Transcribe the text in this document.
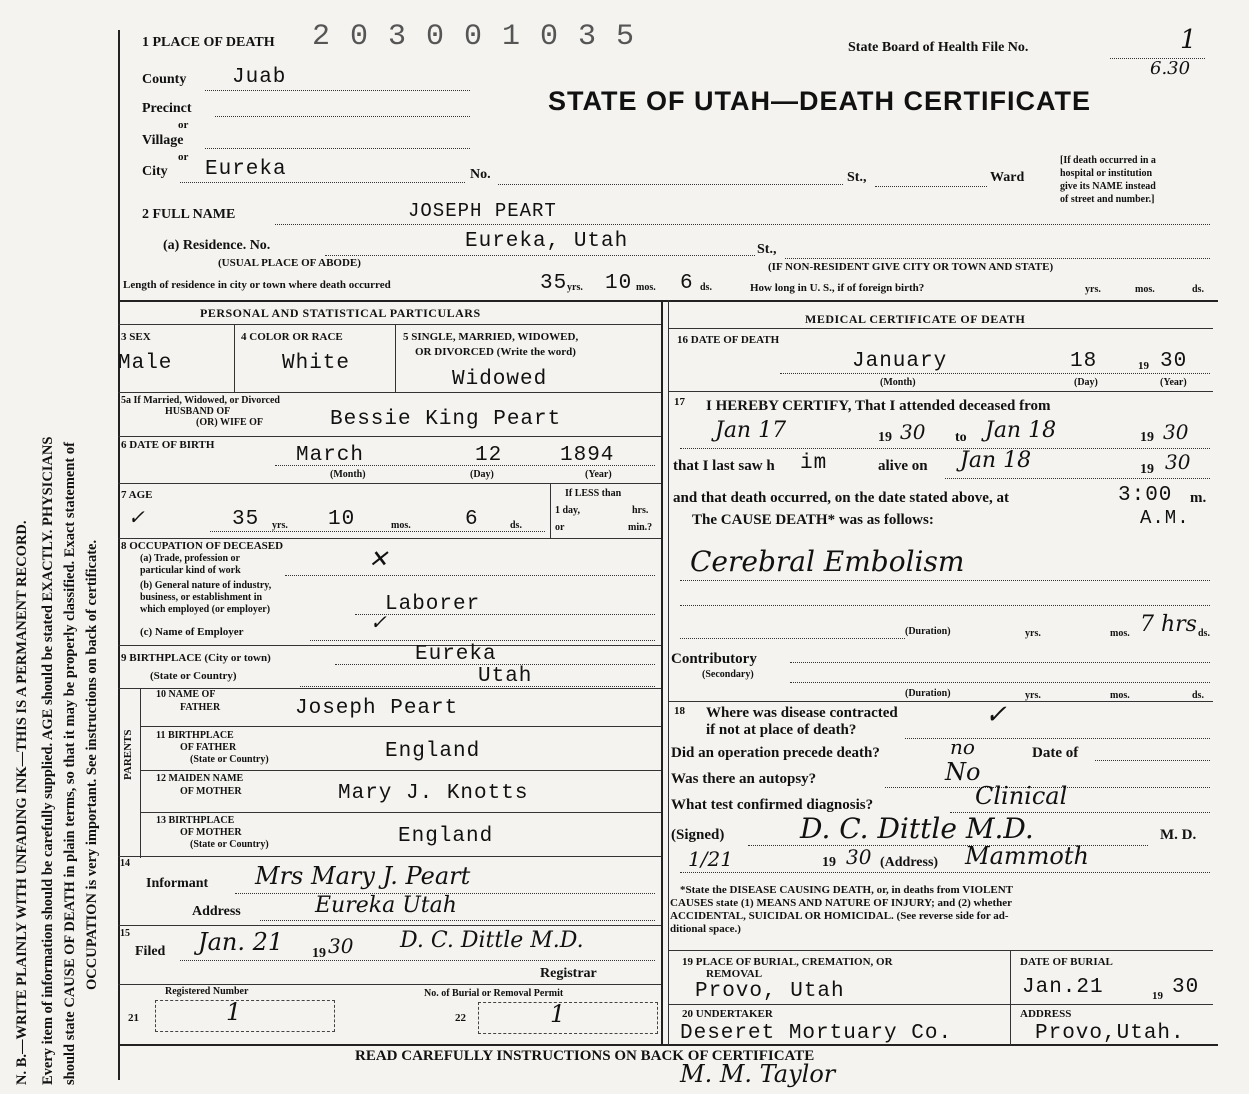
N. B.—WRITE PLAINLY WITH UNFADING INK—THIS IS A PERMANENT RECORD. Every item of information should be carefully supplied. AGE should be stated EXACTLY. PHYSICIANS should state CAUSE OF DEATH in plain terms, so that it may be properly classified. Exact statement of OCCUPATION is very important. See instructions on back of certificate.
1 PLACE OF DEATH 2 0 3 0 0 1 0 3 5	State Board of Health File No.	1
6.30
STATE OF UTAH—DEATH CERTIFICATE
County Juab
Precinct
or
Village
or
City Eureka	No.	St.,	Ward
[If death occurred in a
hospital or institution
give its NAME instead
of street and number.]
2 FULL NAME	JOSEPH PEART
(a) Residence. No.	Eureka, Utah	St.,
(USUAL PLACE OF ABODE)	(IF NON-RESIDENT GIVE CITY OR TOWN AND STATE)
Length of residence in city or town where death occurred	35 yrs. 10 mos. 6 ds.	How long in U. S., if of foreign birth?	yrs.	mos.	ds.
PERSONAL AND STATISTICAL PARTICULARS
3 SEX
Male
4 COLOR OR RACE
White
5 SINGLE, MARRIED, WIDOWED,
OR DIVORCED (Write the word)
Widowed
5a If Married, Widowed, or Divorced
HUSBAND OF
(OR) WIFE OF	Bessie King Peart
6 DATE OF BIRTH	March	12	1894
(Month)	(Day)	(Year)
7 AGE
✓	35 yrs. 10	mos.	6	ds.
If LESS than
1 day,	hrs.
or	min.?
8 OCCUPATION OF DECEASED
(a) Trade, profession or
particular kind of work	✕
(b) General nature of industry,
business, or establishment in
which employed (or employer)	Laborer
(c) Name of Employer	✓
9 BIRTHPLACE (City or town)	Eureka
(State or Country)	Utah
PARENTS
10 NAME OF
FATHER	Joseph Peart
11 BIRTHPLACE
OF FATHER
(State or Country)	England
12 MAIDEN NAME
OF MOTHER	Mary J. Knotts
13 BIRTHPLACE
OF MOTHER
(State or Country)	England
14
Informant Mrs Mary J. Peart
Address	Eureka Utah
15
Filed Jan. 21 19 30 D. C. Dittle M.D.
Registrar
Registered Number	No. of Burial or Removal Permit
21	1	22	1
MEDICAL CERTIFICATE OF DEATH
16 DATE OF DEATH
January	18	19 30
(Month)	(Day)	(Year)
17 I HEREBY CERTIFY, That I attended deceased from
Jan 17	19 30 to Jan 18	19 30
that I last saw h im	alive on Jan 18	19 30
and that death occurred, on the date stated above, at	3:00 m.
The CAUSE DEATH* was as follows:	A.M.
Cerebral Embolism
(Duration)	yrs.	mos. 7 hrs ds.
Contributory
(Secondary)
(Duration)	yrs.	mos.	ds.
18 Where was disease contracted
if not at place of death?	✓
Did an operation precede death?	no	Date of
Was there an autopsy?	No
What test confirmed diagnosis?	Clinical
(Signed)	D. C. Dittle M.D.	M. D.
1/21	19 30 (Address) Mammoth
*State the DISEASE CAUSING DEATH, or, in deaths from VIOLENT
CAUSES state (1) MEANS AND NATURE OF INJURY; and (2) whether
ACCIDENTAL, SUICIDAL OR HOMICIDAL. (See reverse side for ad-
ditional space.)
19 PLACE OF BURIAL, CREMATION, OR
REMOVAL
Provo, Utah
DATE OF BURIAL
Jan.21	19 30
20 UNDERTAKER
Deseret Mortuary Co.
ADDRESS
Provo,Utah.
READ CAREFULLY INSTRUCTIONS ON BACK OF CERTIFICATE
M. M. Taylor
